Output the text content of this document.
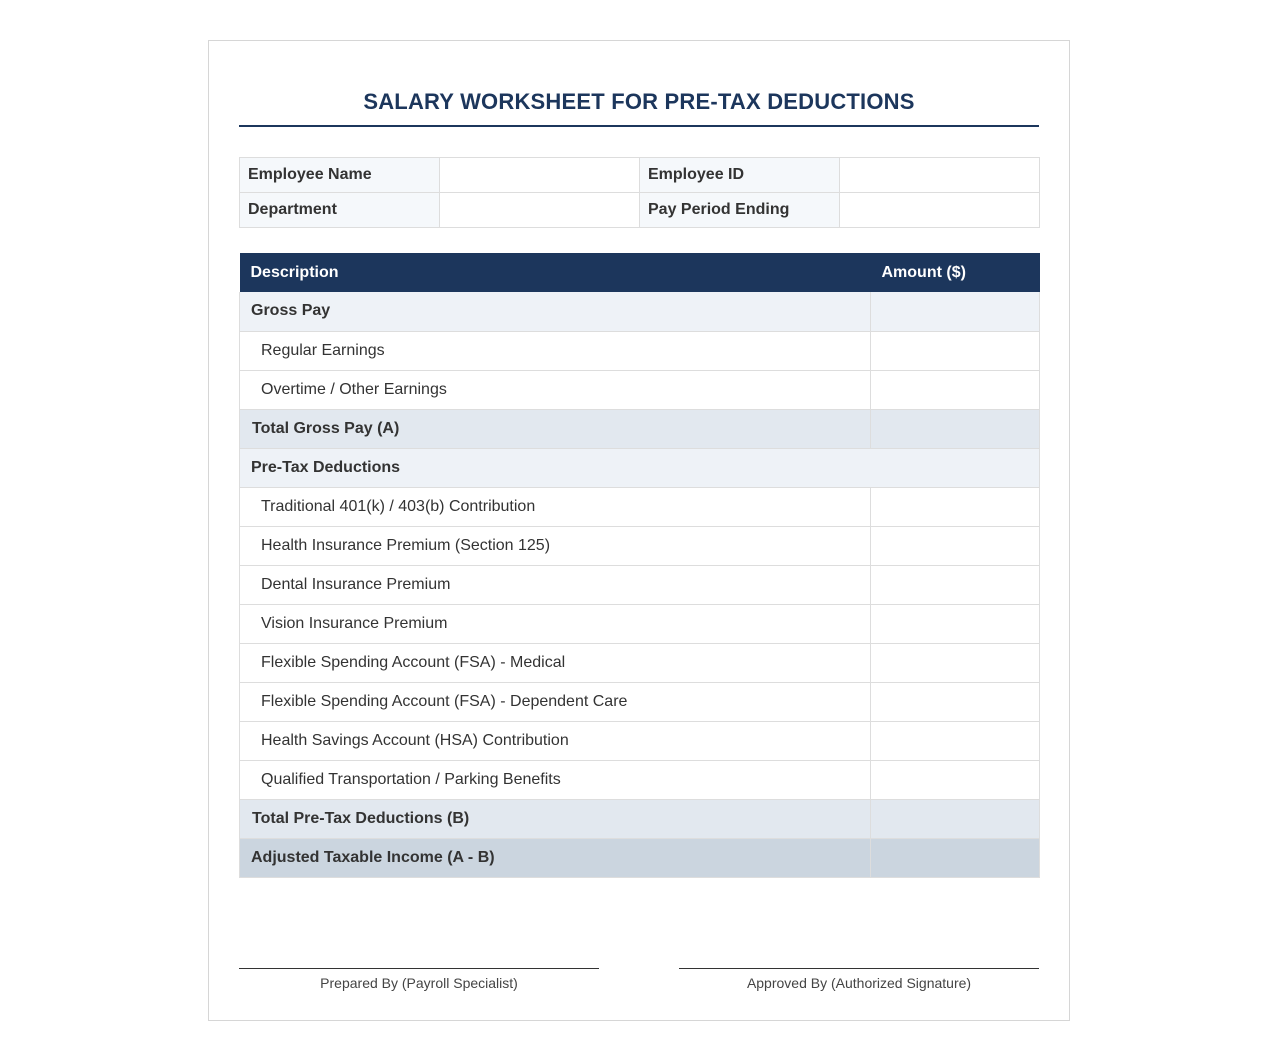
SALARY WORKSHEET FOR PRE-TAX DEDUCTIONS
Employee Name		Employee ID	
Department		Pay Period Ending	
Description	Amount ($)
Gross Pay	
Regular Earnings	
Overtime / Other Earnings	
Total Gross Pay (A)	
Pre-Tax Deductions	
Traditional 401(k) / 403(b) Contribution	
Health Insurance Premium (Section 125)	
Dental Insurance Premium	
Vision Insurance Premium	
Flexible Spending Account (FSA) - Medical	
Flexible Spending Account (FSA) - Dependent Care	
Health Savings Account (HSA) Contribution	
Qualified Transportation / Parking Benefits	
Total Pre-Tax Deductions (B)	
Adjusted Taxable Income (A - B)	
Prepared By (Payroll Specialist)	Approved By (Authorized Signature)
